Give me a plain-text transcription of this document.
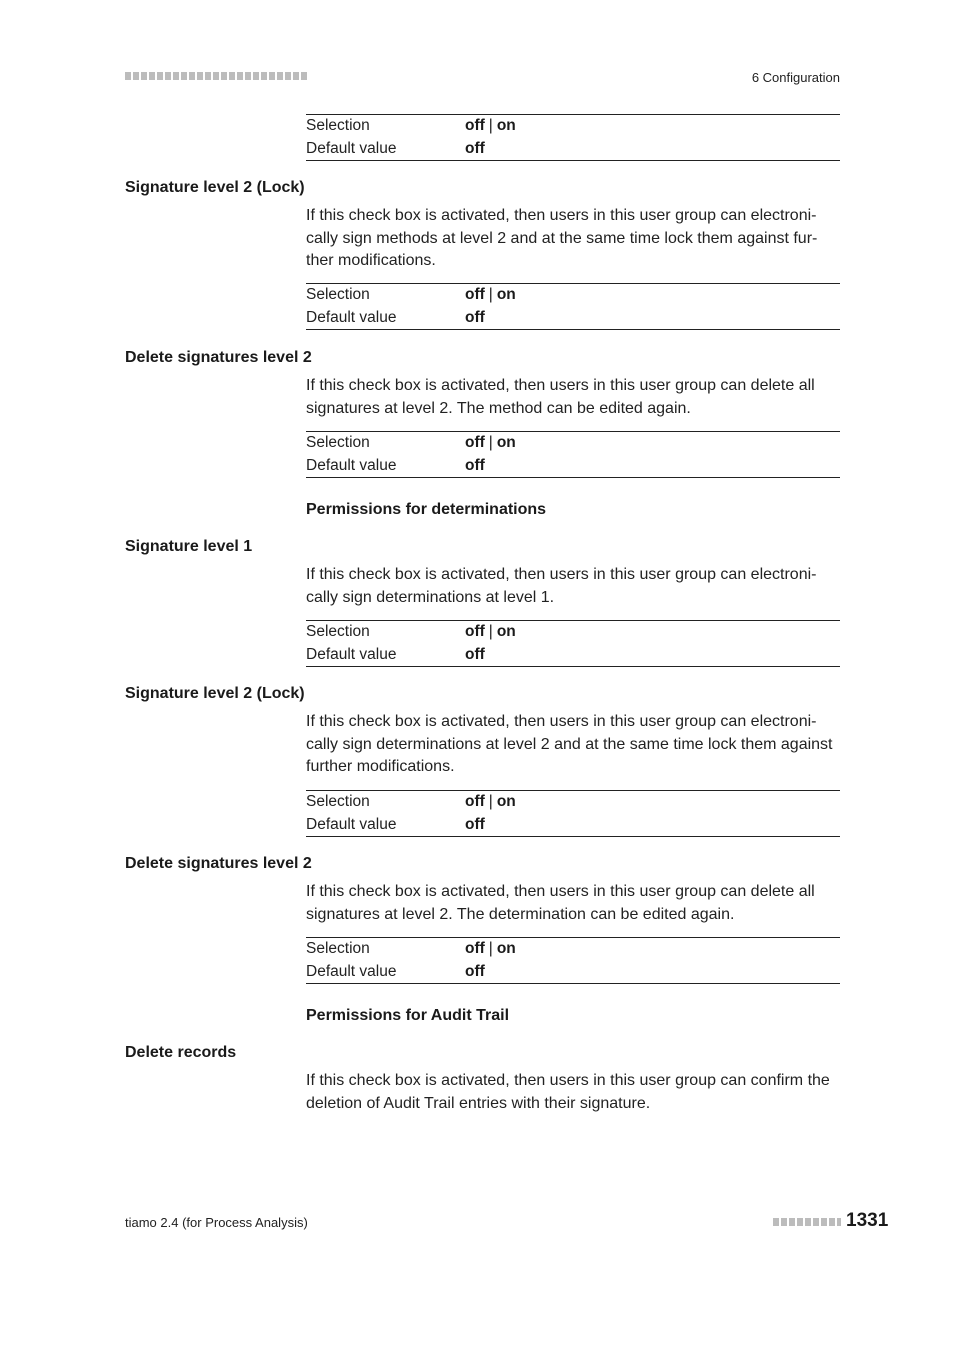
6 Configuration
Selection	off | on
Default value	off
Signature level 2 (Lock)
If this check box is activated, then users in this user group can electroni-
cally sign methods at level 2 and at the same time lock them against fur-
ther modifications.
Selection	off | on
Default value	off
Delete signatures level 2
If this check box is activated, then users in this user group can delete all
signatures at level 2. The method can be edited again.
Selection	off | on
Default value	off
Permissions for determinations
Signature level 1
If this check box is activated, then users in this user group can electroni-
cally sign determinations at level 1.
Selection	off | on
Default value	off
Signature level 2 (Lock)
If this check box is activated, then users in this user group can electroni-
cally sign determinations at level 2 and at the same time lock them against
further modifications.
Selection	off | on
Default value	off
Delete signatures level 2
If this check box is activated, then users in this user group can delete all
signatures at level 2. The determination can be edited again.
Selection	off | on
Default value	off
Permissions for Audit Trail
Delete records
If this check box is activated, then users in this user group can confirm the
deletion of Audit Trail entries with their signature.
tiamo 2.4 (for Process Analysis)	1331
